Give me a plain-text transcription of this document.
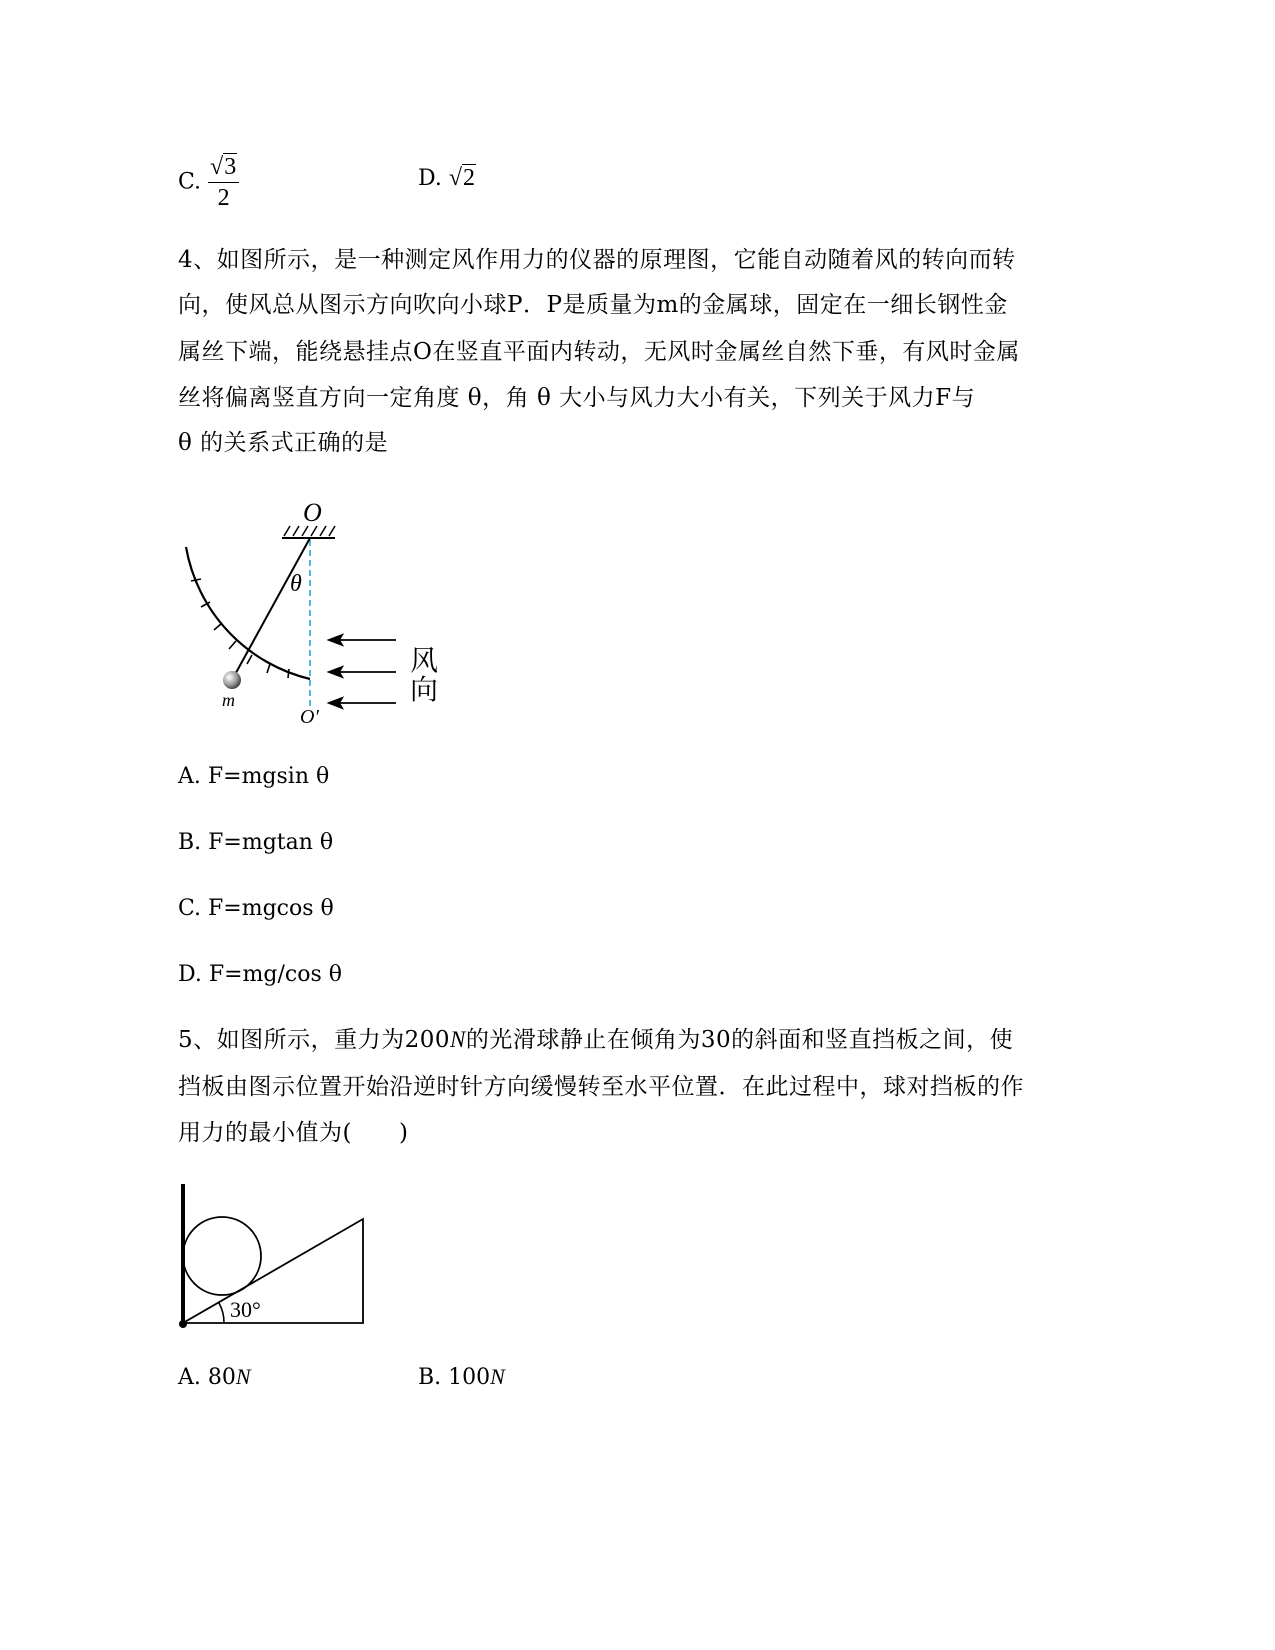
C. $\frac{√3}{2}$	D. √2
4、如图所示，是一种测定风作用力的仪器的原理图，它能自动随着风的转向而转
向，使风总从图示方向吹向小球P．P是质量为m的金属球，固定在一细长钢性金
属丝下端，能绕悬挂点O在竖直平面内转动，无风时金属丝自然下垂，有风时金属
丝将偏离竖直方向一定角度 θ，角 θ 大小与风力大小有关，下列关于风力F与
θ 的关系式正确的是
O
θ
m
O′
风
向
A. F=mgsin θ
B. F=mgtan θ
C. F=mgcos θ
D. F=mg/cos θ
5、如图所示，重力为200N的光滑球静止在倾角为30的斜面和竖直挡板之间，使
挡板由图示位置开始沿逆时针方向缓慢转至水平位置．在此过程中，球对挡板的作
用力的最小值为(　　)
30°
A. 80N	B. 100N
